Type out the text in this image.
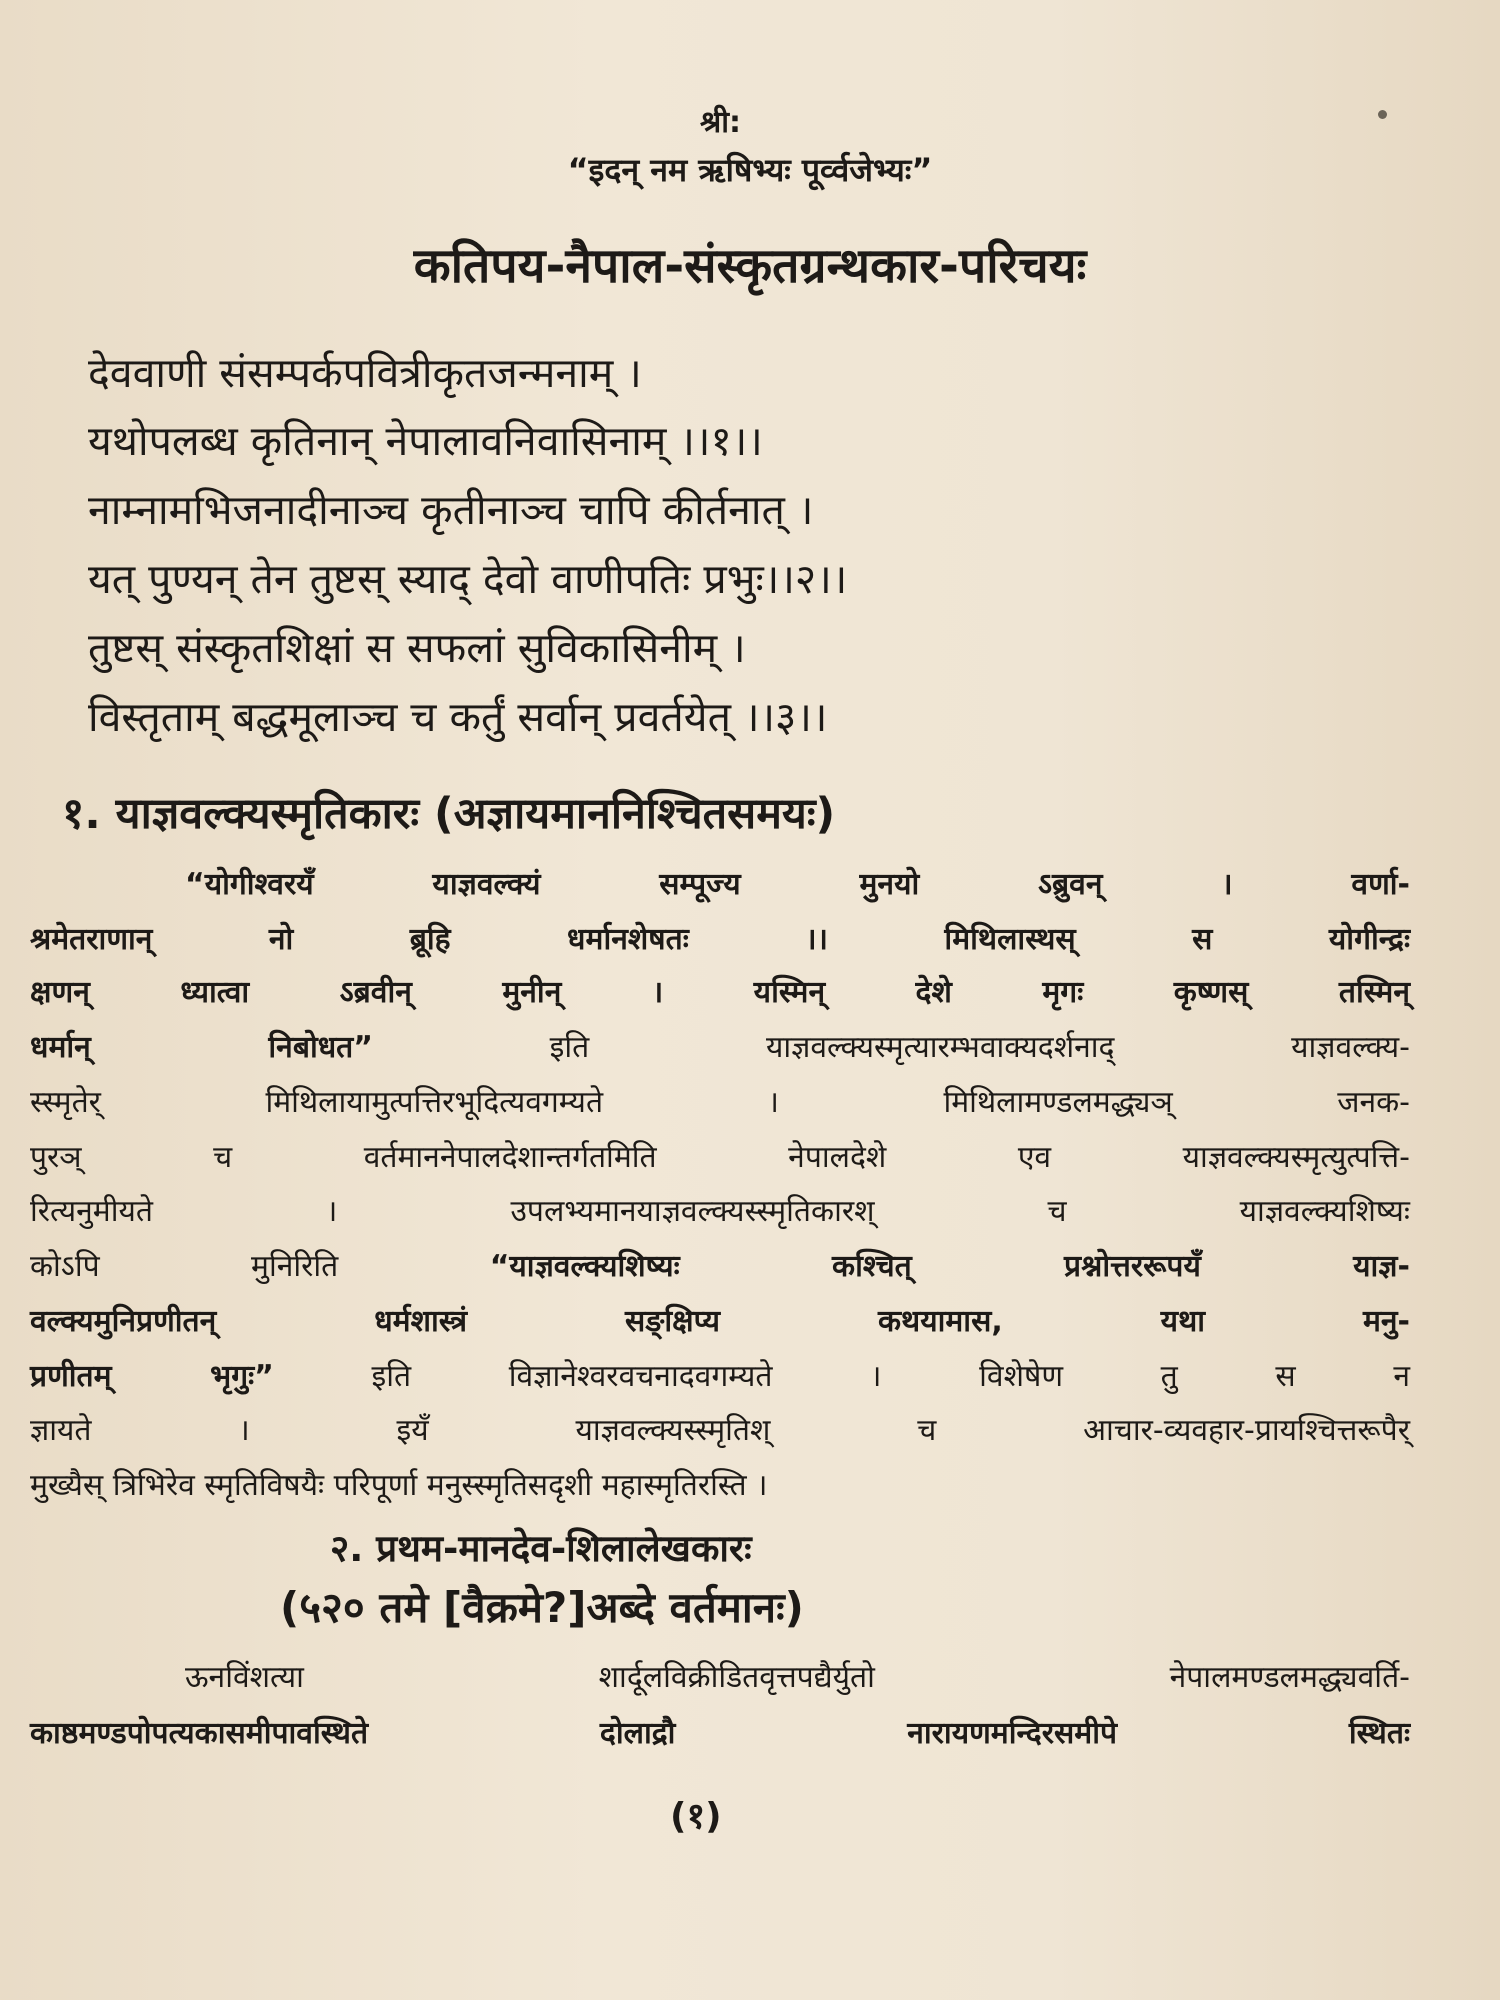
श्री:
“इदन् नम ऋषिभ्यः पूर्व्वजेभ्यः”
कतिपय-नैपाल-संस्कृतग्रन्थकार-परिचयः
देववाणी संसम्पर्कपवित्रीकृतजन्मनाम् ।
यथोपलब्ध कृतिनान् नेपालावनिवासिनाम् ।।१।।
नाम्नामभिजनादीनाञ्च कृतीनाञ्च चापि कीर्तनात् ।
यत् पुण्यन् तेन तुष्टस् स्याद् देवो वाणीपतिः प्रभुः।।२।।
तुष्टस् संस्कृतशिक्षां स सफलां सुविकासिनीम् ।
विस्तृताम् बद्धमूलाञ्च च कर्तुं सर्वान् प्रवर्तयेत् ।।३।।
१. याज्ञवल्क्यस्मृतिकारः (अज्ञायमाननिश्चितसमयः)
“योगीश्वरयँ याज्ञवल्क्यं सम्पूज्य मुनयो ऽब्रुवन् । वर्णा-
श्रमेतराणान् नो ब्रूहि धर्मानशेषतः ।। मिथिलास्थस् स योगीन्द्रः
क्षणन् ध्यात्वा ऽब्रवीन् मुनीन् । यस्मिन् देशे मृगः कृष्णस् तस्मिन्
धर्मान् निबोधत” इति याज्ञवल्क्यस्मृत्यारम्भवाक्यदर्शनाद् याज्ञवल्क्य-
स्स्मृतेर् मिथिलायामुत्पत्तिरभूदित्यवगम्यते । मिथिलामण्डलमद्ध्यञ् जनक-
पुरञ् च वर्तमाननेपालदेशान्तर्गतमिति नेपालदेशे एव याज्ञवल्क्यस्मृत्युत्पत्ति-
रित्यनुमीयते । उपलभ्यमानयाज्ञवल्क्यस्स्मृतिकारश् च याज्ञवल्क्यशिष्यः
कोऽपि मुनिरिति “याज्ञवल्क्यशिष्यः कश्चित् प्रश्नोत्तररूपयँ याज्ञ-
वल्क्यमुनिप्रणीतन् धर्मशास्त्रं सङ्क्षिप्य कथयामास, यथा मनु-
प्रणीतम् भृगुः” इति विज्ञानेश्वरवचनादवगम्यते । विशेषेण तु स न
ज्ञायते । इयँ याज्ञवल्क्यस्स्मृतिश् च आचार-व्यवहार-प्रायश्चित्तरूपैर्
मुख्यैस् त्रिभिरेव स्मृतिविषयैः परिपूर्णा मनुस्स्मृतिसदृशी महास्मृतिरस्ति ।
२. प्रथम-मानदेव-शिलालेखकारः
(५२० तमे [वैक्रमे?]अब्दे वर्तमानः)
ऊनविंशत्या शार्दूलविक्रीडितवृत्तपद्यैर्युतो नेपालमण्डलमद्ध्यवर्ति-
काष्ठमण्डपोपत्यकासमीपावस्थिते दोलाद्रौ नारायणमन्दिरसमीपे स्थितः
(१)
